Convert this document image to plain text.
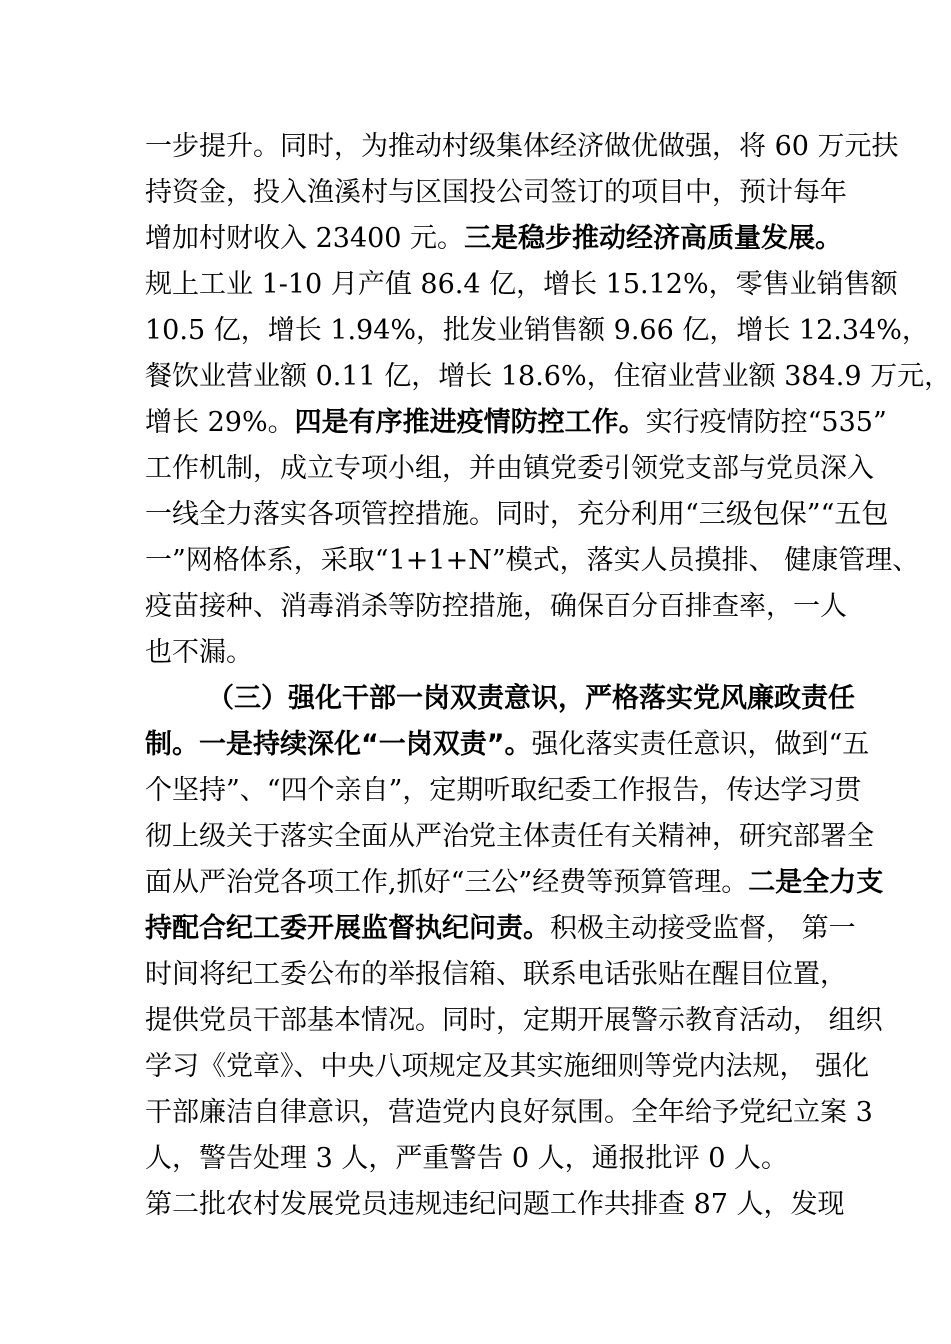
一步提升。同时，为推动村级集体经济做优做强，将 60 万元扶
持资金，投入渔溪村与区国投公司签订的项目中，预计每年
增加村财收入 23400 元。三是稳步推动经济高质量发展。
规上工业 1-10 月产值 86.4 亿，增长 15.12%，零售业销售额
10.5 亿，增长 1.94%，批发业销售额 9.66 亿，增长 12.34%，
餐饮业营业额 0.11 亿，增长 18.6%，住宿业营业额 384.9 万元，
增长 29%。四是有序推进疫情防控工作。实行疫情防控“535”
工作机制，成立专项小组，并由镇党委引领党支部与党员深入
一线全力落实各项管控措施。同时，充分利用“三级包保”“五包
一”网格体系，采取“1+1+N”模式，落实人员摸排、 健康管理、
疫苗接种、消毒消杀等防控措施，确保百分百排查率，一人
也不漏。
（三）强化干部一岗双责意识，严格落实党风廉政责任
制。一是持续深化“一岗双责”。强化落实责任意识，做到“五
个坚持”、“四个亲自”，定期听取纪委工作报告，传达学习贯
彻上级关于落实全面从严治党主体责任有关精神，研究部署全
面从严治党各项工作,抓好“三公”经费等预算管理。二是全力支
持配合纪工委开展监督执纪问责。积极主动接受监督， 第一
时间将纪工委公布的举报信箱、联系电话张贴在醒目位置，
提供党员干部基本情况。同时，定期开展警示教育活动， 组织
学习《党章》、中央八项规定及其实施细则等党内法规， 强化
干部廉洁自律意识，营造党内良好氛围。全年给予党纪立案 3
人，警告处理 3 人，严重警告 0 人，通报批评 0 人。
第二批农村发展党员违规违纪问题工作共排查 87 人，发现
